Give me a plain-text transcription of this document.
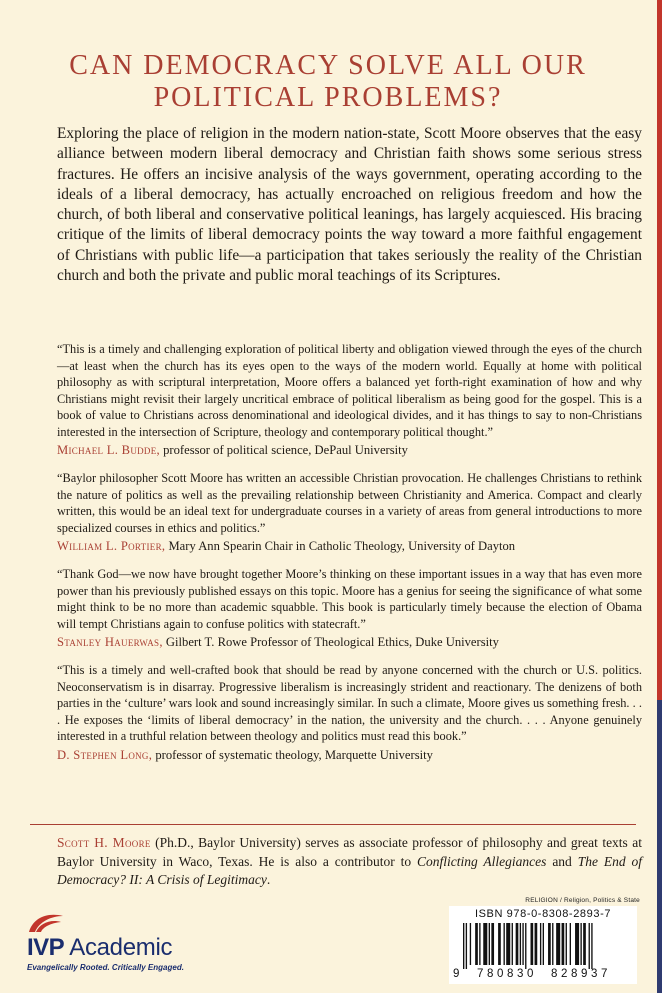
CAN DEMOCRACY SOLVE ALL OUR
POLITICAL PROBLEMS?

Exploring the place of religion in the modern nation-state, Scott Moore observes that the easy alliance between modern liberal democracy and Christian faith shows some serious stress fractures. He offers an incisive analysis of the ways government, operating according to the ideals of a liberal democracy, has actually encroached on religious freedom and how the church, of both liberal and conservative political leanings, has largely acquiesced. His bracing critique of the limits of liberal democracy points the way toward a more faithful engagement of Christians with public life—a participation that takes seriously the reality of the Christian church and both the private and public moral teachings of its Scriptures.

“This is a timely and challenging exploration of political liberty and obligation viewed through the eyes of the church—at least when the church has its eyes open to the ways of the modern world. Equally at home with political philosophy as with scriptural interpretation, Moore offers a balanced yet forth-right examination of how and why Christians might revisit their largely uncritical embrace of political liberalism as being good for the gospel. This is a book of value to Christians across denominational and ideological divides, and it has things to say to non-Christians interested in the intersection of Scripture, theology and contemporary political thought.”

Michael L. Budde, professor of political science, DePaul University

“Baylor philosopher Scott Moore has written an accessible Christian provocation. He challenges Christians to rethink the nature of politics as well as the prevailing relationship between Christianity and America. Compact and clearly written, this would be an ideal text for undergraduate courses in a variety of areas from general introductions to more specialized courses in ethics and politics.”

William L. Portier, Mary Ann Spearin Chair in Catholic Theology, University of Dayton

“Thank God—we now have brought together Moore’s thinking on these important issues in a way that has even more power than his previously published essays on this topic. Moore has a genius for seeing the significance of what some might think to be no more than academic squabble. This book is particularly timely because the election of Obama will tempt Christians again to confuse politics with statecraft.”

Stanley Hauerwas, Gilbert T. Rowe Professor of Theological Ethics, Duke University

“This is a timely and well-crafted book that should be read by anyone concerned with the church or U.S. politics. Neoconservatism is in disarray. Progressive liberalism is increasingly strident and reactionary. The denizens of both parties in the ‘culture’ wars look and sound increasingly similar. In such a climate, Moore gives us something fresh. . . . He exposes the ‘limits of liberal democracy’ in the nation, the university and the church. . . . Anyone genuinely interested in a truthful relation between theology and politics must read this book.”

D. Stephen Long, professor of systematic theology, Marquette University

Scott H. Moore (Ph.D., Baylor University) serves as associate professor of philosophy and great texts at Baylor University in Waco, Texas. He is also a contributor to Conflicting Allegiances and The End of Democracy? II: A Crisis of Legitimacy.

RELIGION / Religion, Politics & State
ISBN 978-0-8308-2893-7
9 780830 828937
IVP Academic
Evangelically Rooted. Critically Engaged.
